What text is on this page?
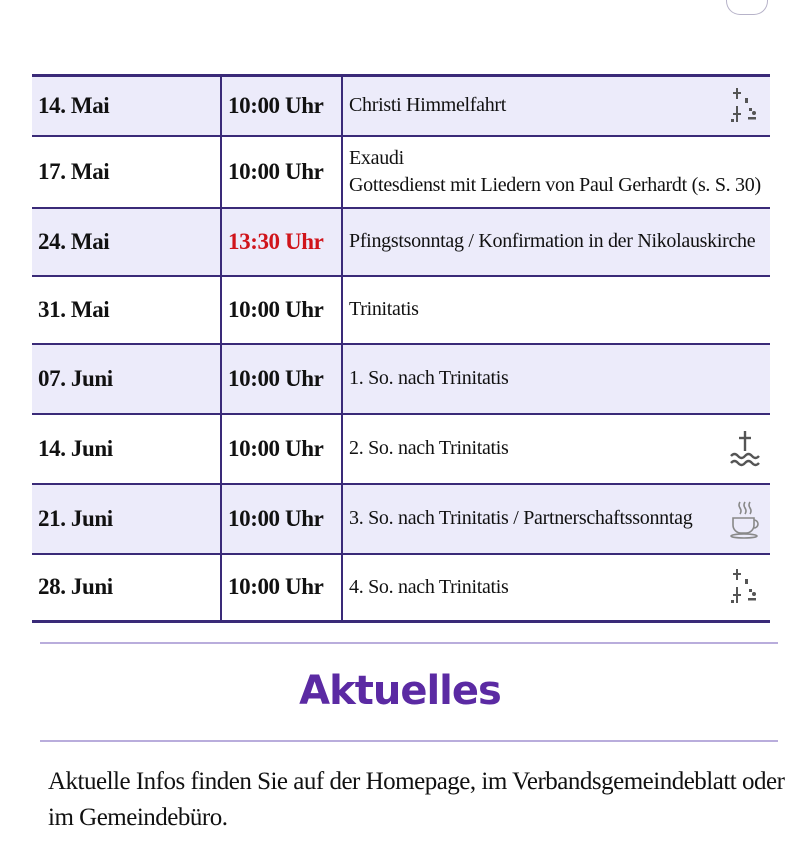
14. Mai	10:00 Uhr	Christi Himmelfahrt

17. Mai	10:00 Uhr	Exaudi
Gottesdienst mit Liedern von Paul Gerhardt (s. S. 30)

24. Mai	13:30 Uhr	Pfingstsonntag / Konfirmation in der Nikolauskirche

31. Mai	10:00 Uhr	Trinitatis

07. Juni	10:00 Uhr	1. So. nach Trinitatis

14. Juni	10:00 Uhr	2. So. nach Trinitatis

21. Juni	10:00 Uhr	3. So. nach Trinitatis / Partnerschaftssonntag

28. Juni	10:00 Uhr	4. So. nach Trinitatis
Aktuelles
Aktuelle Infos finden Sie auf der Homepage, im Verbandsgemeindeblatt oder im Gemeindebüro.
